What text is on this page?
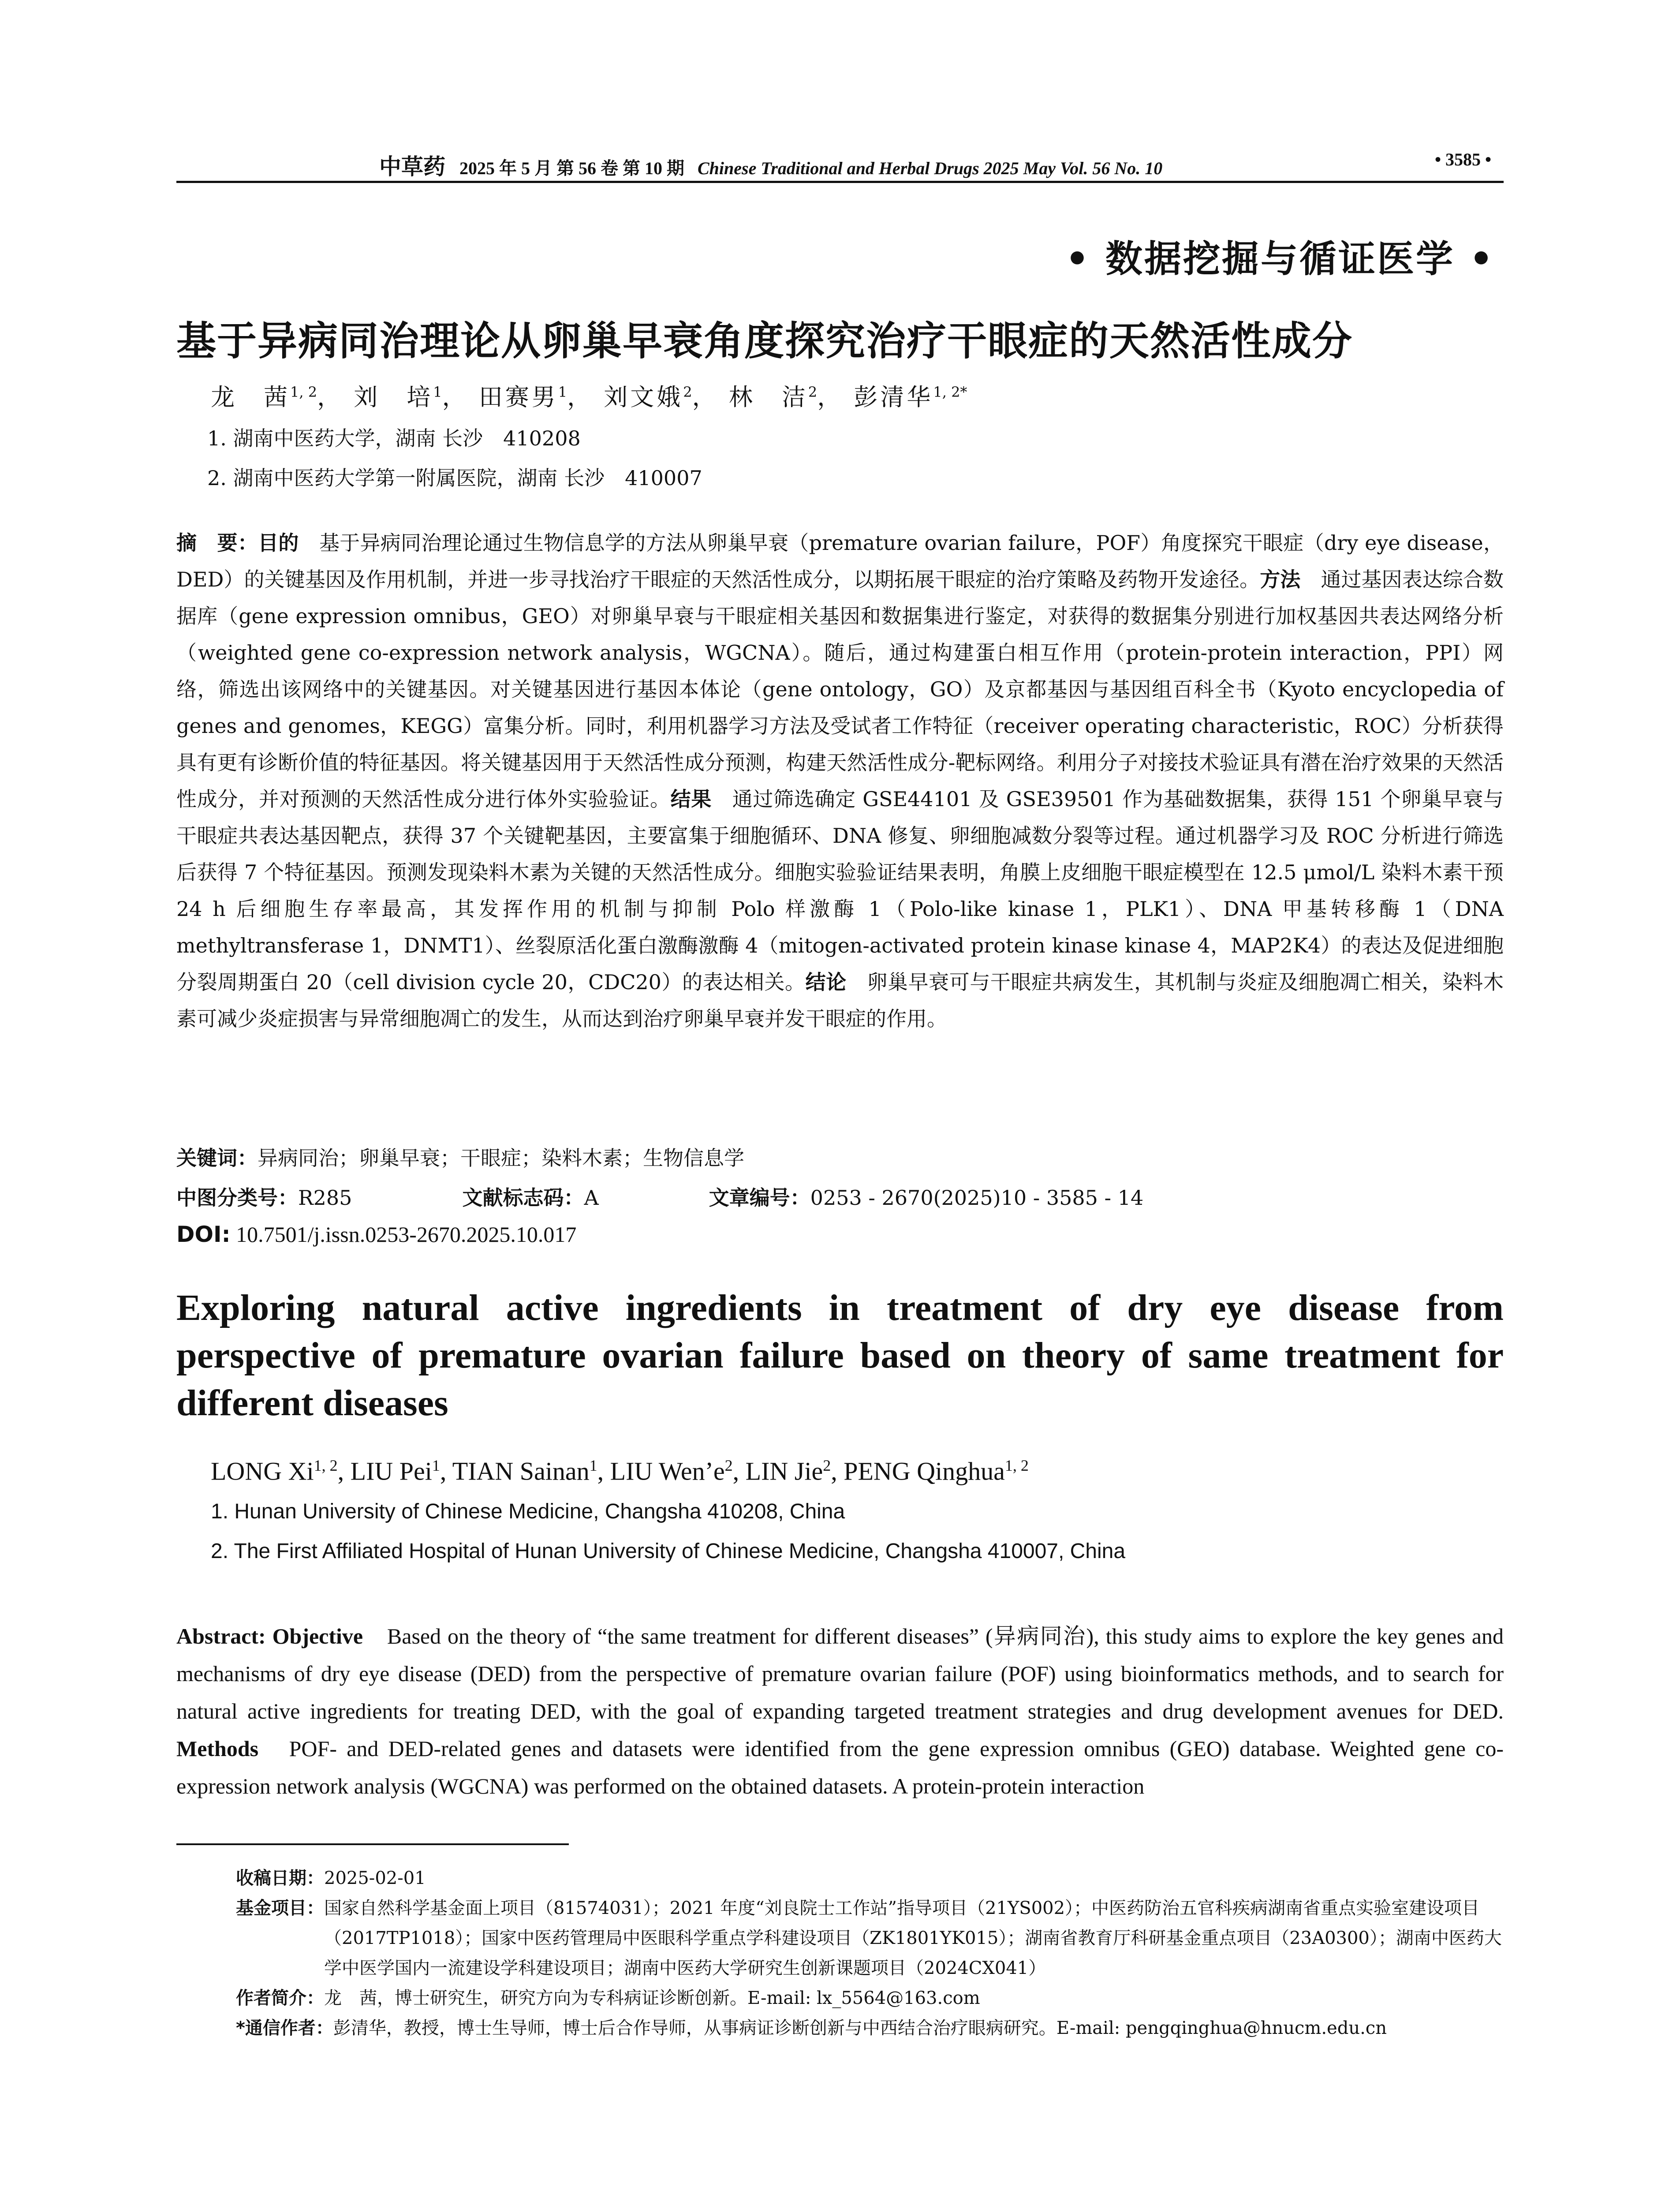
中草药 2025 年 5 月 第 56 卷 第 10 期 Chinese Traditional and Herbal Drugs 2025 May Vol. 56 No. 10	• 3585 •
• 数据挖掘与循证医学 •
基于异病同治理论从卵巢早衰角度探究治疗干眼症的天然活性成分
龙　茜$^{1, 2}$， 刘　培$^1$， 田赛男$^1$， 刘文娥$^2$， 林　洁$^2$， 彭清华$^{1, 2*}$
1. 湖南中医药大学，湖南 长沙　410208
2. 湖南中医药大学第一附属医院，湖南 长沙　410007
摘　要：目的　基于异病同治理论通过生物信息学的方法从卵巢早衰（premature ovarian failure，POF）角度探究干眼症（dry eye disease，DED）的关键基因及作用机制，并进一步寻找治疗干眼症的天然活性成分，以期拓展干眼症的治疗策略及药物开发途径。方法　通过基因表达综合数据库（gene expression omnibus，GEO）对卵巢早衰与干眼症相关基因和数据集进行鉴定，对获得的数据集分别进行加权基因共表达网络分析（weighted gene co-expression network analysis，WGCNA）。随后，通过构建蛋白相互作用（protein-protein interaction，PPI）网络，筛选出该网络中的关键基因。对关键基因进行基因本体论（gene ontology，GO）及京都基因与基因组百科全书（Kyoto encyclopedia of genes and genomes，KEGG）富集分析。同时，利用机器学习方法及受试者工作特征（receiver operating characteristic，ROC）分析获得具有更有诊断价值的特征基因。将关键基因用于天然活性成分预测，构建天然活性成分-靶标网络。利用分子对接技术验证具有潜在治疗效果的天然活性成分，并对预测的天然活性成分进行体外实验验证。结果　通过筛选确定 GSE44101 及 GSE39501 作为基础数据集，获得 151 个卵巢早衰与干眼症共表达基因靶点，获得 37 个关键靶基因，主要富集于细胞循环、DNA 修复、卵细胞减数分裂等过程。通过机器学习及 ROC 分析进行筛选后获得 7 个特征基因。预测发现染料木素为关键的天然活性成分。细胞实验验证结果表明，角膜上皮细胞干眼症模型在 12.5 μmol/L 染料木素干预 24 h 后细胞生存率最高，其发挥作用的机制与抑制 Polo 样激酶 1（Polo-like kinase 1，PLK1）、DNA 甲基转移酶 1（DNA methyltransferase 1，DNMT1）、丝裂原活化蛋白激酶激酶 4（mitogen-activated protein kinase kinase 4，MAP2K4）的表达及促进细胞分裂周期蛋白 20（cell division cycle 20，CDC20）的表达相关。结论　卵巢早衰可与干眼症共病发生，其机制与炎症及细胞凋亡相关，染料木素可减少炎症损害与异常细胞凋亡的发生，从而达到治疗卵巢早衰并发干眼症的作用。
关键词：异病同治；卵巢早衰；干眼症；染料木素；生物信息学
中图分类号：R285	文献标志码：A	文章编号：0253 - 2670(2025)10 - 3585 - 14
DOI: 10.7501/j.issn.0253-2670.2025.10.017
Exploring natural active ingredients in treatment of dry eye disease from perspective of premature ovarian failure based on theory of same treatment for different diseases
LONG Xi$^{1, 2}$, LIU Pei$^1$, TIAN Sainan$^1$, LIU $Wen’e^2$, LIN Jie$^2$, PENG Qinghua$^{1, 2}$
1. Hunan University of Chinese Medicine, Changsha 410208, China
2. The First Affiliated Hospital of Hunan University of Chinese Medicine, Changsha 410007, China
Abstract: Objective　Based on the theory of “the same treatment for different diseases” (异病同治), this study aims to explore the key genes and mechanisms of dry eye disease (DED) from the perspective of premature ovarian failure (POF) using bioinformatics methods, and to search for natural active ingredients for treating DED, with the goal of expanding targeted treatment strategies and drug development avenues for DED. Methods　POF- and DED-related genes and datasets were identified from the gene expression omnibus (GEO) database. Weighted gene co-expression network analysis (WGCNA) was performed on the obtained datasets. A protein-protein interaction
收稿日期： 2025-02-01
基金项目： 国家自然科学基金面上项目（81574031）；2021 年度“刘良院士工作站”指导项目（21YS002）；中医药防治五官科疾病湖南省重点实验室建设项目（2017TP1018）；国家中医药管理局中医眼科学重点学科建设项目（ZK1801YK015）；湖南省教育厅科研基金重点项目（23A0300）；湖南中医药大学中医学国内一流建设学科建设项目；湖南中医药大学研究生创新课题项目（2024CX041）
作者简介： 龙　茜，博士研究生，研究方向为专科病证诊断创新。E-mail: lx_5564@163.com
*通信作者： 彭清华，教授，博士生导师，博士后合作导师，从事病证诊断创新与中西结合治疗眼病研究。E-mail: pengqinghua@hnucm.edu.cn
